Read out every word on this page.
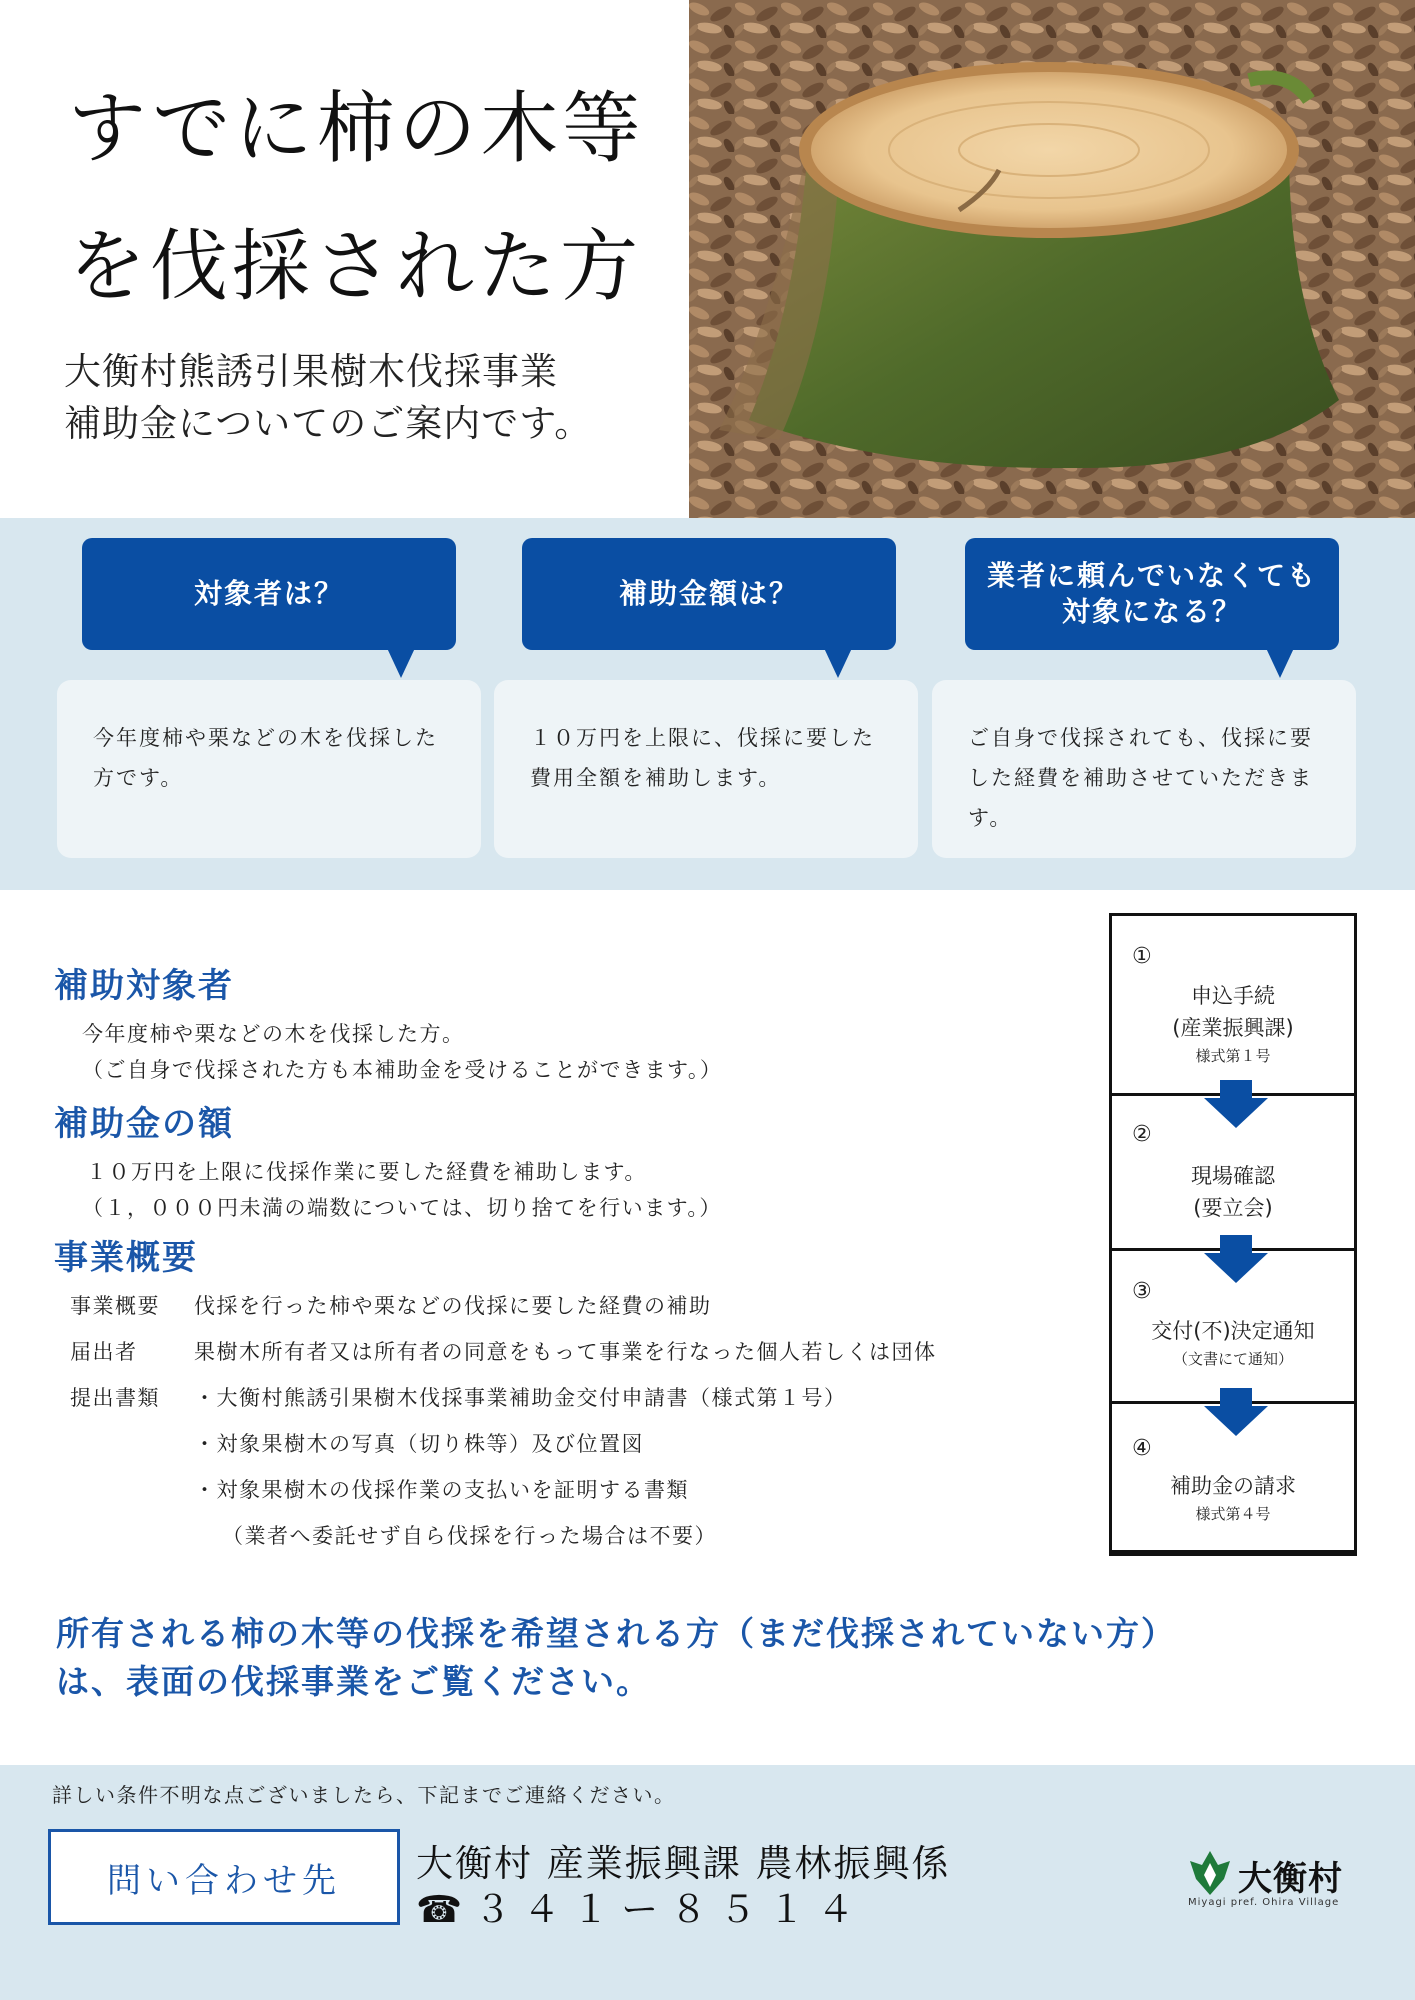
すでに柿の木等
を伐採された方
大衡村熊誘引果樹木伐採事業
補助金についてのご案内です。
対象者は？
今年度柿や栗などの木を伐採した方です。
補助金額は？
１０万円を上限に、伐採に要した費用全額を補助します。
業者に頼んでいなくても
対象になる？
ご自身で伐採されても、伐採に要した経費を補助させていただきます。
補助対象者
今年度柿や栗などの木を伐採した方。
（ご自身で伐採された方も本補助金を受けることができます。）
補助金の額
１０万円を上限に伐採作業に要した経費を補助します。
（１，０００円未満の端数については、切り捨てを行います。）
事業概要
事業概要 伐採を行った柿や栗などの伐採に要した経費の補助
届出者	果樹木所有者又は所有者の同意をもって事業を行なった個人若しくは団体
提出書類 ・大衡村熊誘引果樹木伐採事業補助金交付申請書（様式第１号）
・対象果樹木の写真（切り株等）及び位置図
・対象果樹木の伐採作業の支払いを証明する書類
（業者へ委託せず自ら伐採を行った場合は不要）
①
申込手続
(産業振興課)
様式第１号
②
現場確認
(要立会)
③
交付(不)決定通知
（文書にて通知）
④
補助金の請求
様式第４号
所有される柿の木等の伐採を希望される方（まだ伐採されていない方）
は、表面の伐採事業をご覧ください。
詳しい条件不明な点ございましたら、下記までご連絡ください。
問い合わせ先	大衡村 産業振興課 農林振興係
☎３４１ー８５１４
大衡村
Miyagi pref. Ohira Village
